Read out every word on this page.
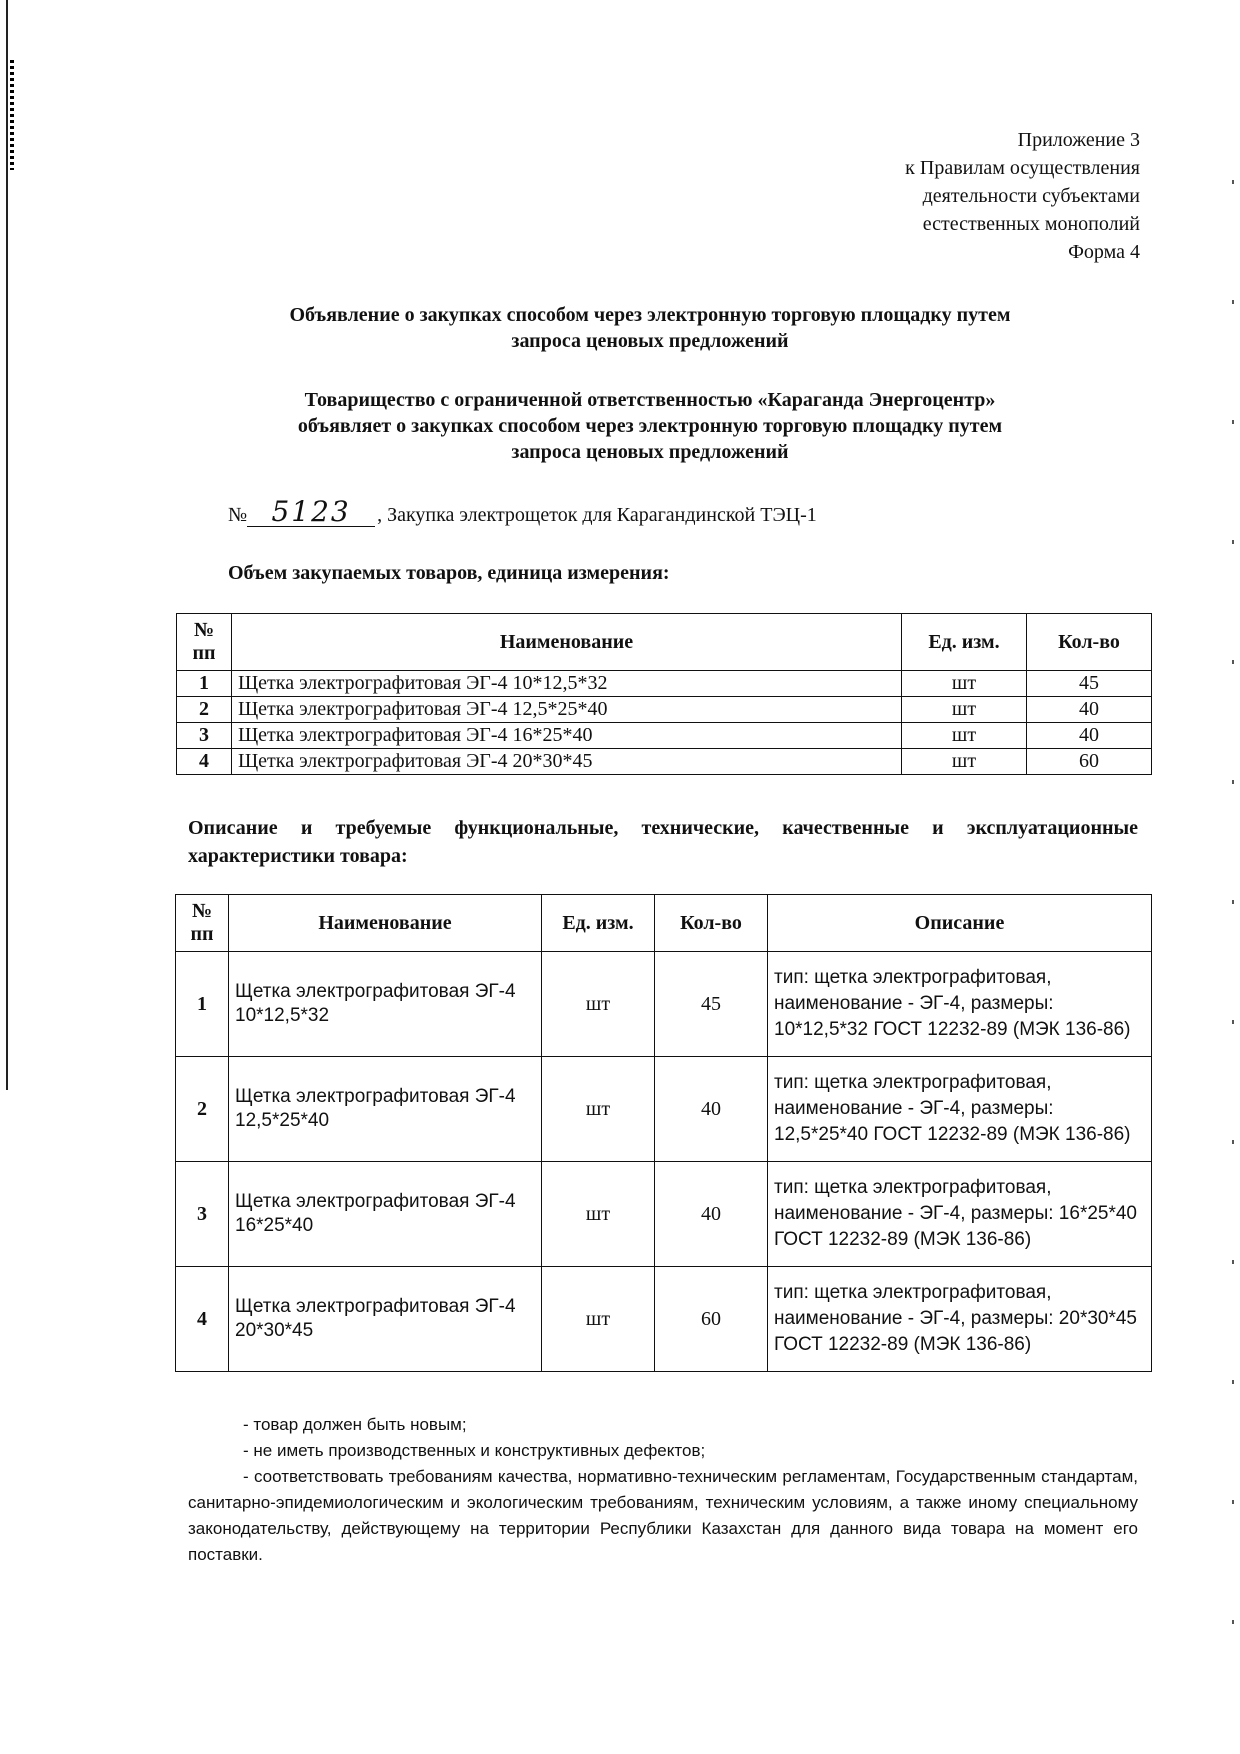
Приложение 3
к Правилам осуществления
деятельности субъектами
естественных монополий
Форма 4
Объявление о закупках способом через электронную торговую площадку путем
запроса ценовых предложений
Товарищество с ограниченной ответственностью «Караганда Энергоцентр»
объявляет о закупках способом через электронную торговую площадку путем
запроса ценовых предложений
№ 5123 , Закупка электрощеток для Карагандинской ТЭЦ-1
Объем закупаемых товаров, единица измерения:
№ пп	Наименование	Ед. изм.	Кол-во
1	Щетка электрографитовая ЭГ-4 10*12,5*32	шт	45
2	Щетка электрографитовая ЭГ-4 12,5*25*40	шт	40
3	Щетка электрографитовая ЭГ-4 16*25*40	шт	40
4	Щетка электрографитовая ЭГ-4 20*30*45	шт	60
Описание и требуемые функциональные, технические, качественные и эксплуатационные характеристики товара:
№ пп	Наименование	Ед. изм.	Кол-во	Описание
1	Щетка электрографитовая ЭГ-4 10*12,5*32	шт	45	тип: щетка электрографитовая, наименование - ЭГ-4, размеры: 10*12,5*32 ГОСТ 12232-89 (МЭК 136-86)
2	Щетка электрографитовая ЭГ-4 12,5*25*40	шт	40	тип: щетка электрографитовая, наименование - ЭГ-4, размеры: 12,5*25*40 ГОСТ 12232-89 (МЭК 136-86)
3	Щетка электрографитовая ЭГ-4 16*25*40	шт	40	тип: щетка электрографитовая, наименование - ЭГ-4, размеры: 16*25*40 ГОСТ 12232-89 (МЭК 136-86)
4	Щетка электрографитовая ЭГ-4 20*30*45	шт	60	тип: щетка электрографитовая, наименование - ЭГ-4, размеры: 20*30*45 ГОСТ 12232-89 (МЭК 136-86)
- товар должен быть новым;
- не иметь производственных и конструктивных дефектов;
- соответствовать требованиям качества, нормативно-техническим регламентам, Государственным стандартам, санитарно-эпидемиологическим и экологическим требованиям, техническим условиям, а также иному специальному законодательству, действующему на территории Республики Казахстан для данного вида товара на момент его поставки.
